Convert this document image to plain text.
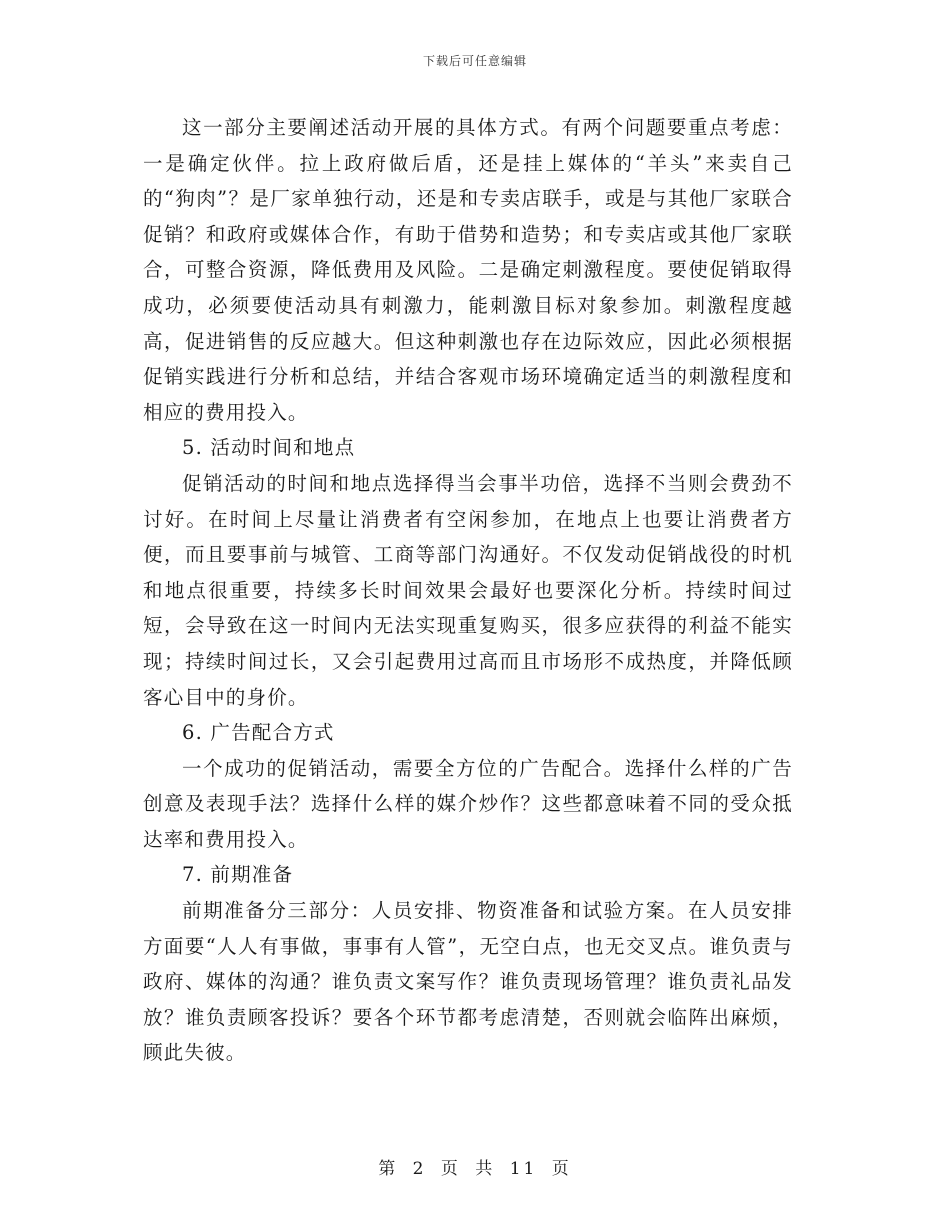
下载后可任意编辑

这一部分主要阐述活动开展的具体方式。有两个问题要重点考虑：一是确定伙伴。拉上政府做后盾，还是挂上媒体的“羊头”来卖自己的“狗肉”？是厂家单独行动，还是和专卖店联手，或是与其他厂家联合促销？和政府或媒体合作，有助于借势和造势；和专卖店或其他厂家联合，可整合资源，降低费用及风险。二是确定刺激程度。要使促销取得成功，必须要使活动具有刺激力，能刺激目标对象参加。刺激程度越高，促进销售的反应越大。但这种刺激也存在边际效应，因此必须根据促销实践进行分析和总结，并结合客观市场环境确定适当的刺激程度和相应的费用投入。

5. 活动时间和地点

促销活动的时间和地点选择得当会事半功倍，选择不当则会费劲不讨好。在时间上尽量让消费者有空闲参加，在地点上也要让消费者方便，而且要事前与城管、工商等部门沟通好。不仅发动促销战役的时机和地点很重要，持续多长时间效果会最好也要深化分析。持续时间过短，会导致在这一时间内无法实现重复购买，很多应获得的利益不能实现；持续时间过长，又会引起费用过高而且市场形不成热度，并降低顾客心目中的身价。

6. 广告配合方式

一个成功的促销活动，需要全方位的广告配合。选择什么样的广告创意及表现手法？选择什么样的媒介炒作？这些都意味着不同的受众抵达率和费用投入。

7. 前期准备

前期准备分三部分：人员安排、物资准备和试验方案。在人员安排方面要“人人有事做，事事有人管”，无空白点，也无交叉点。谁负责与政府、媒体的沟通？谁负责文案写作？谁负责现场管理？谁负责礼品发放？谁负责顾客投诉？要各个环节都考虑清楚，否则就会临阵出麻烦，顾此失彼。

第 2 页 共 11 页
